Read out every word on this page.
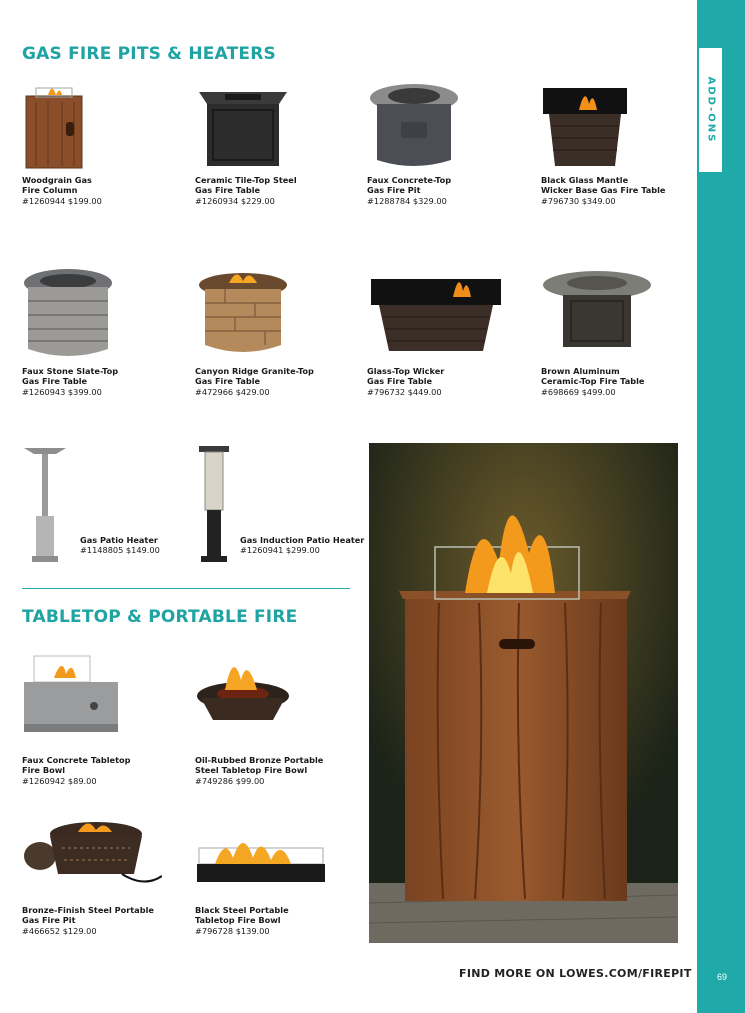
ADD-ONS
69
GAS FIRE PITS & HEATERS
TABLETOP & PORTABLE FIRE
Woodgrain Gas
Fire Column
#1260944 $199.00
Ceramic Tile-Top Steel
Gas Fire Table
#1260934 $229.00
Faux Concrete-Top
Gas Fire Pit
#1288784 $329.00
Black Glass Mantle
Wicker Base Gas Fire Table
#796730 $349.00
Faux Stone Slate-Top
Gas Fire Table
#1260943 $399.00
Canyon Ridge Granite-Top
Gas Fire Table
#472966 $429.00
Glass-Top Wicker
Gas Fire Table
#796732 $449.00
Brown Aluminum
Ceramic-Top Fire Table
#698669 $499.00
Gas Patio Heater
#1148805 $149.00
Gas Induction Patio Heater
#1260941 $299.00
Faux Concrete Tabletop
Fire Bowl
#1260942 $89.00
Oil-Rubbed Bronze Portable
Steel Tabletop Fire Bowl
#749286 $99.00
Bronze-Finish Steel Portable
Gas Fire Pit
#466652 $129.00
Black Steel Portable
Tabletop Fire Bowl
#796728 $139.00
FIND MORE ON LOWES.COM/FIREPIT
